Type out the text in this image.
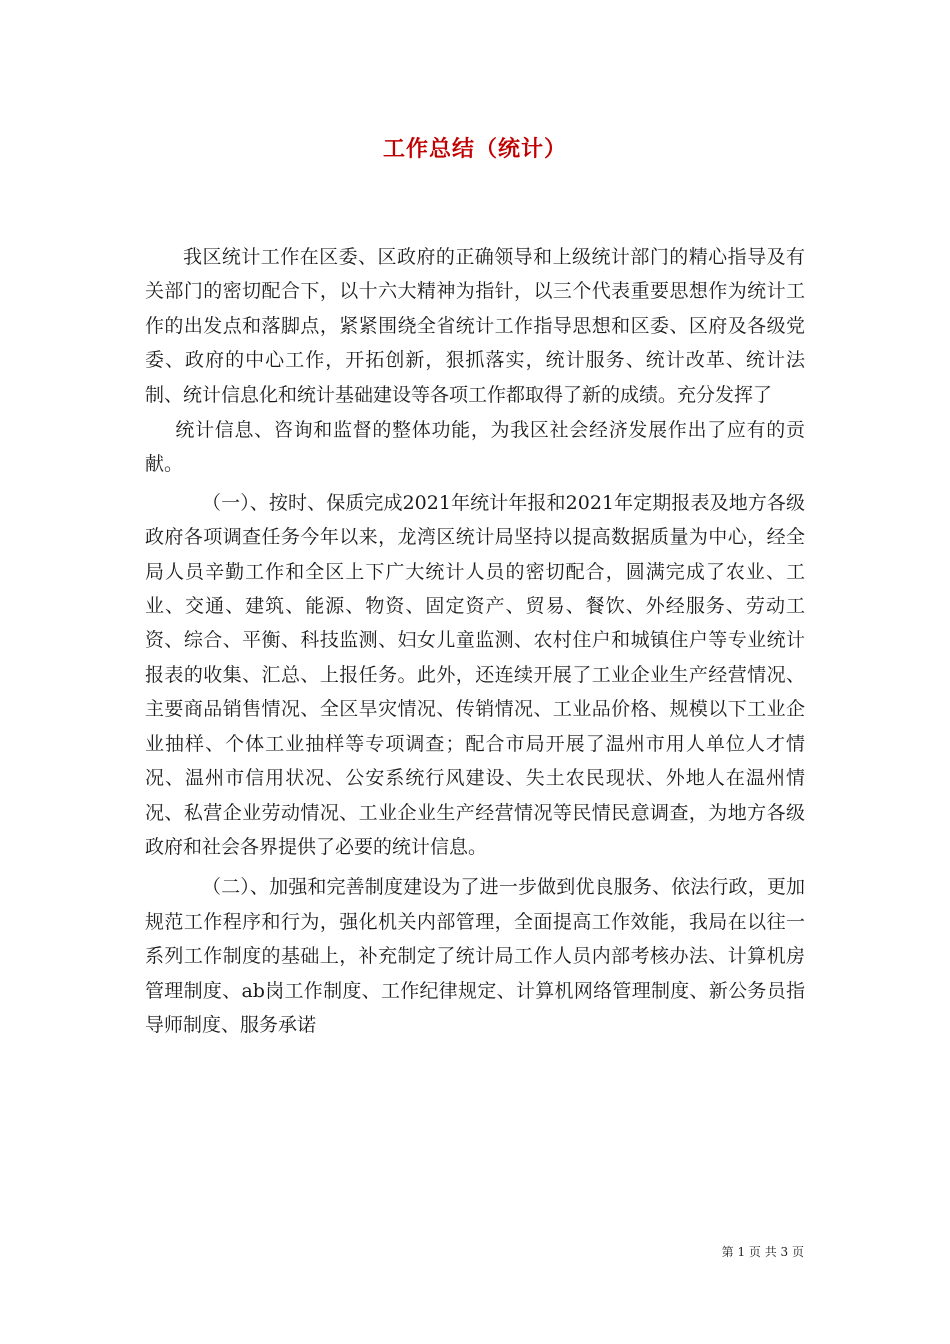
工作总结（统计）

我区统计工作在区委、区政府的正确领导和上级统计部门的精心指导及有关部门的密切配合下，以十六大精神为指针，以三个代表重要思想作为统计工作的出发点和落脚点，紧紧围绕全省统计工作指导思想和区委、区府及各级党委、政府的中心工作，开拓创新，狠抓落实，统计服务、统计改革、统计法制、统计信息化和统计基础建设等各项工作都取得了新的成绩。充分发挥了

统计信息、咨询和监督的整体功能，为我区社会经济发展作出了应有的贡献。

（一）、按时、保质完成2021年统计年报和2021年定期报表及地方各级政府各项调查任务今年以来，龙湾区统计局坚持以提高数据质量为中心，经全局人员辛勤工作和全区上下广大统计人员的密切配合，圆满完成了农业、工业、交通、建筑、能源、物资、固定资产、贸易、餐饮、外经服务、劳动工资、综合、平衡、科技监测、妇女儿童监测、农村住户和城镇住户等专业统计报表的收集、汇总、上报任务。此外，还连续开展了工业企业生产经营情况、主要商品销售情况、全区旱灾情况、传销情况、工业品价格、规模以下工业企业抽样、个体工业抽样等专项调查；配合市局开展了温州市用人单位人才情况、温州市信用状况、公安系统行风建设、失土农民现状、外地人在温州情况、私营企业劳动情况、工业企业生产经营情况等民情民意调查，为地方各级政府和社会各界提供了必要的统计信息。

（二）、加强和完善制度建设为了进一步做到优良服务、依法行政，更加规范工作程序和行为，强化机关内部管理，全面提高工作效能，我局在以往一系列工作制度的基础上，补充制定了统计局工作人员内部考核办法、计算机房管理制度、ab岗工作制度、工作纪律规定、计算机网络管理制度、新公务员指导师制度、服务承诺

第 1 页 共 3 页
